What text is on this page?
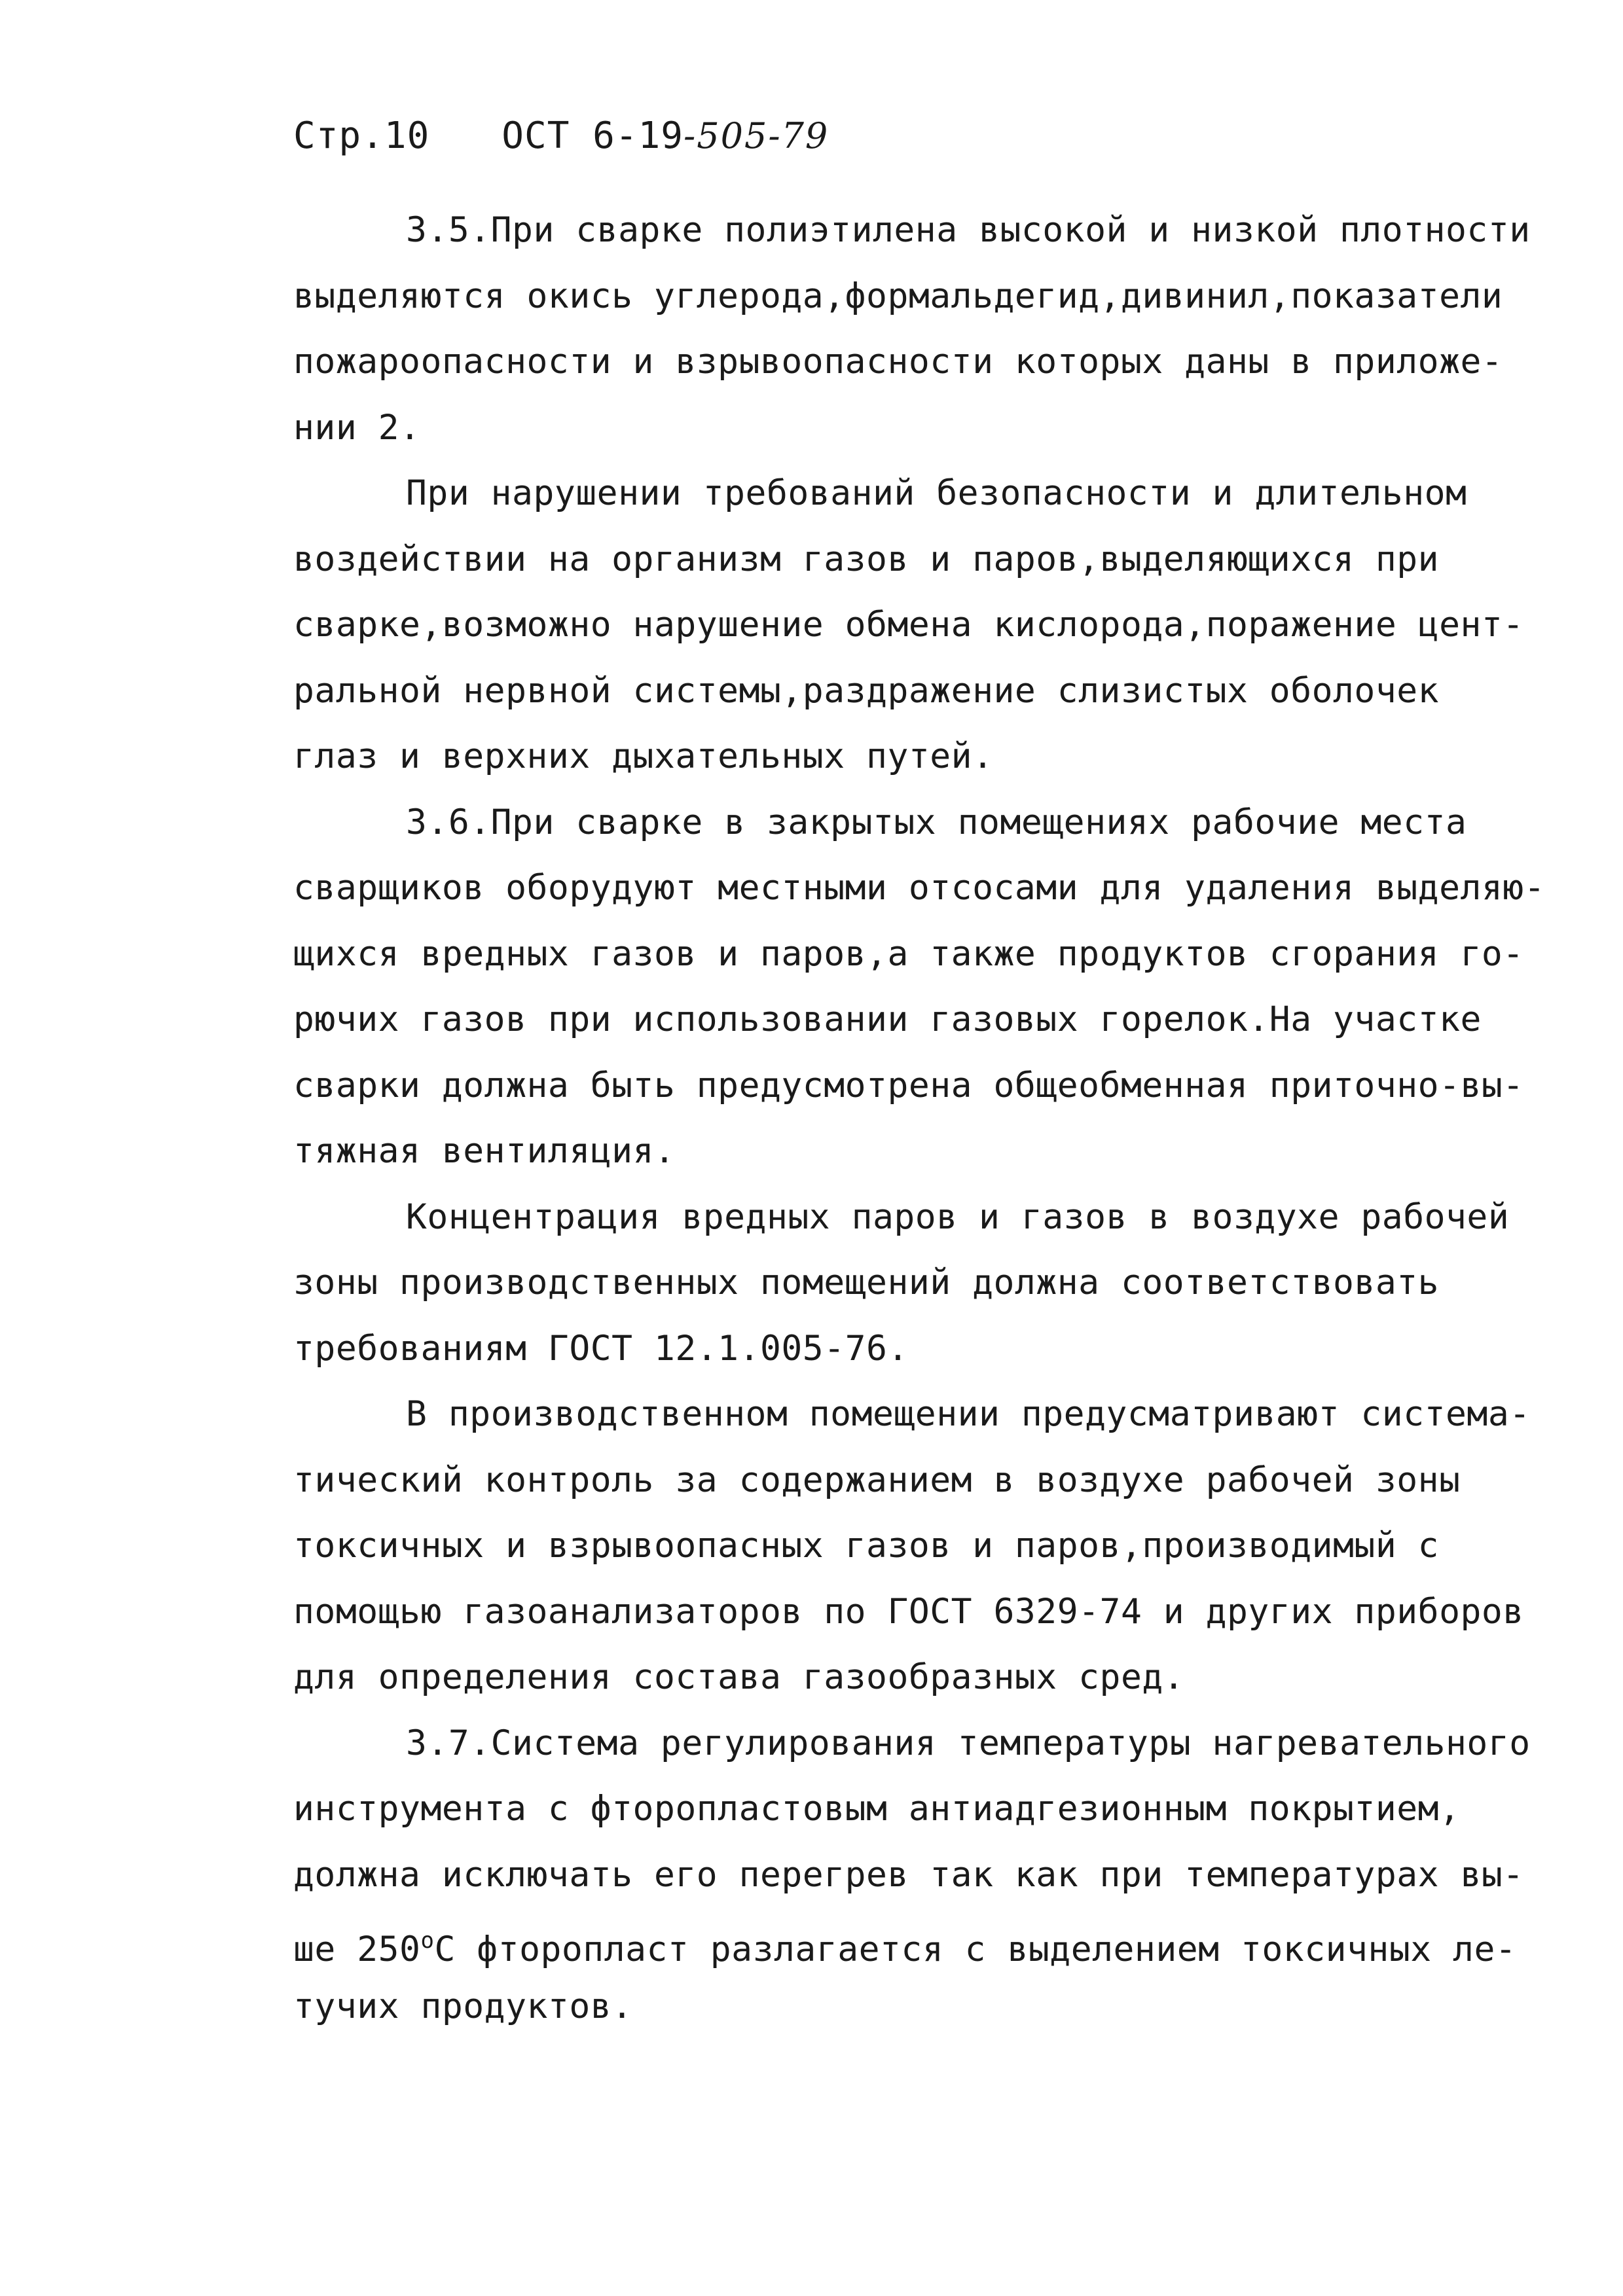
Стр.10 ОСТ 6-19-505-79
3.5.При сварке полиэтилена высокой и низкой плотности
выделяются окись углерода,формальдегид,дивинил,показатели
пожароопасности и взрывоопасности которых даны в приложе-
нии 2.
При нарушении требований безопасности и длительном
воздействии на организм газов и паров,выделяющихся при
сварке,возможно нарушение обмена кислорода,поражение цент-
ральной нервной системы,раздражение слизистых оболочек
глаз и верхних дыхательных путей.
3.6.При сварке в закрытых помещениях рабочие места
сварщиков оборудуют местными отсосами для удаления выделяю-
щихся вредных газов и паров,а также продуктов сгорания го-
рючих газов при использовании газовых горелок.На участке
сварки должна быть предусмотрена общеобменная приточно-вы-
тяжная вентиляция.
Концентрация вредных паров и газов в воздухе рабочей
зоны производственных помещений должна соответствовать
требованиям ГОСТ 12.1.005-76.
В производственном помещении предусматривают система-
тический контроль за содержанием в воздухе рабочей зоны
токсичных и взрывоопасных газов и паров,производимый с
помощью газоанализаторов по ГОСТ 6329-74 и других приборов
для определения состава газообразных сред.
3.7.Система регулирования температуры нагревательного
инструмента с фторопластовым антиадгезионным покрытием,
должна исключать его перегрев так как при температурах вы-
ше $250^оС$ фторопласт разлагается с выделением токсичных ле-
тучих продуктов.
